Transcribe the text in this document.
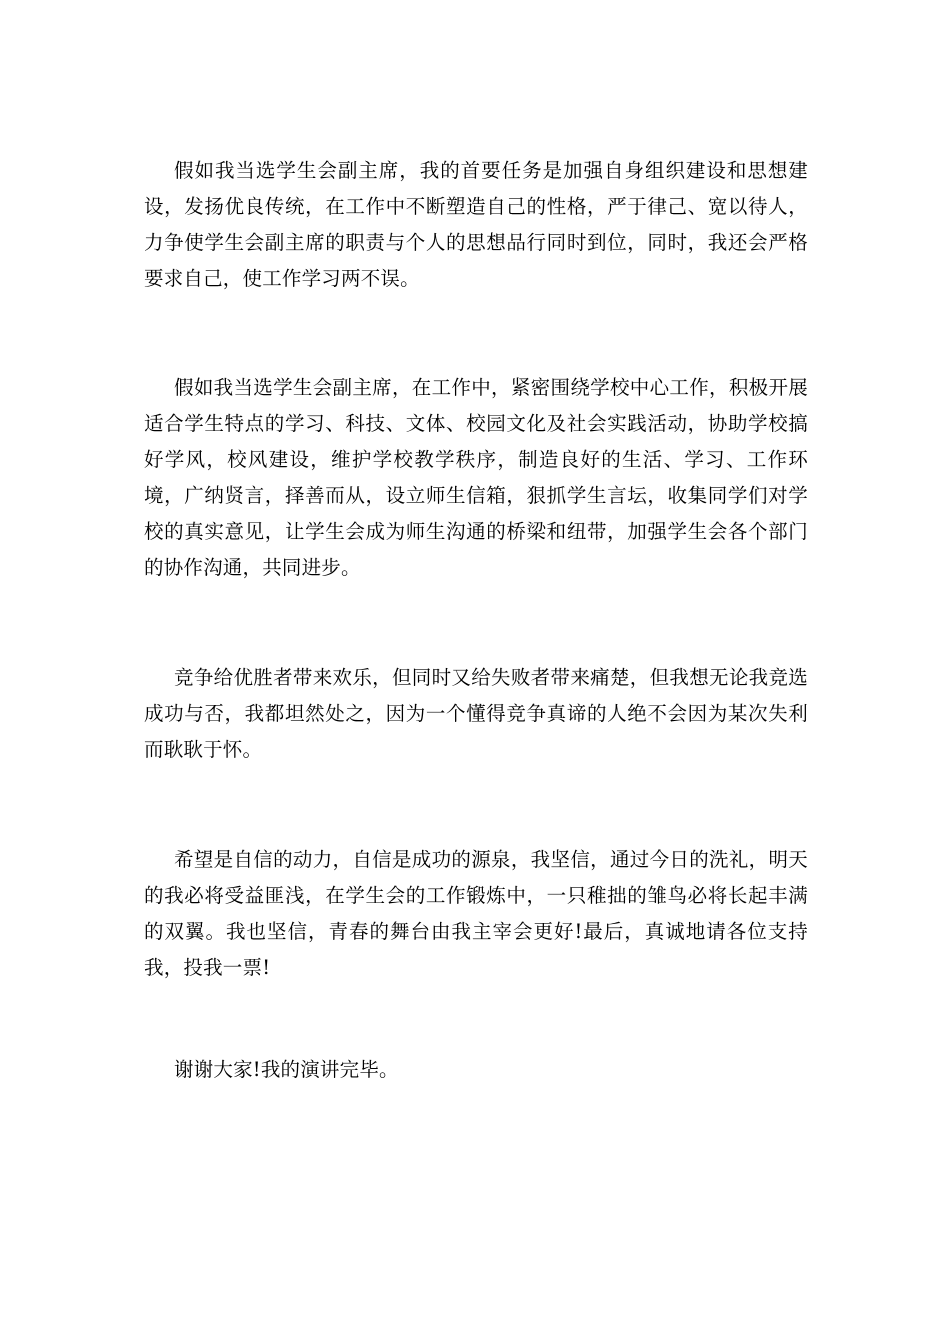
假如我当选学生会副主席，我的首要任务是加强自身组织建设和思想建设，发扬优良传统，在工作中不断塑造自己的性格，严于律己、宽以待人，力争使学生会副主席的职责与个人的思想品行同时到位，同时，我还会严格要求自己，使工作学习两不误。

假如我当选学生会副主席，在工作中，紧密围绕学校中心工作，积极开展适合学生特点的学习、科技、文体、校园文化及社会实践活动，协助学校搞好学风，校风建设，维护学校教学秩序，制造良好的生活、学习、工作环境，广纳贤言，择善而从，设立师生信箱，狠抓学生言坛，收集同学们对学校的真实意见，让学生会成为师生沟通的桥梁和纽带，加强学生会各个部门的协作沟通，共同进步。

竞争给优胜者带来欢乐，但同时又给失败者带来痛楚，但我想无论我竞选成功与否，我都坦然处之，因为一个懂得竞争真谛的人绝不会因为某次失利而耿耿于怀。

希望是自信的动力，自信是成功的源泉，我坚信，通过今日的洗礼，明天的我必将受益匪浅，在学生会的工作锻炼中，一只稚拙的雏鸟必将长起丰满的双翼。我也坚信，青春的舞台由我主宰会更好!最后，真诚地请各位支持我，投我一票!

谢谢大家!我的演讲完毕。
